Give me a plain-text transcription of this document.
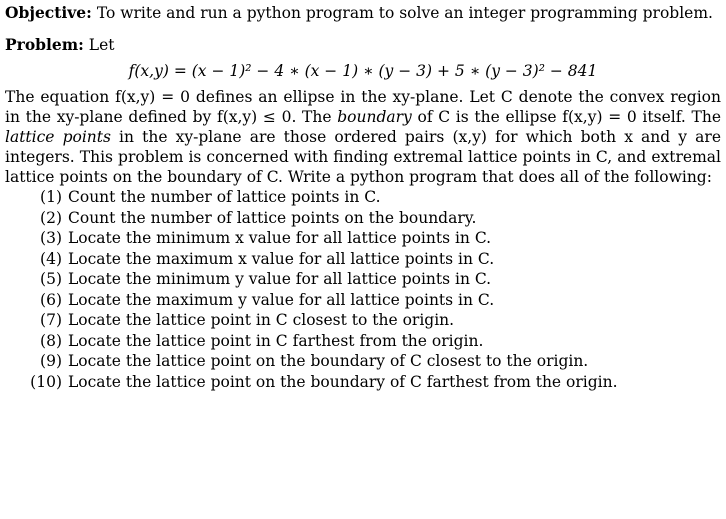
Objective: To write and run a python program to solve an integer programming problem.

Problem: Let

f(x,y) = (x − 1)² − 4 ∗ (x − 1) ∗ (y − 3) + 5 ∗ (y − 3)² − 841

The equation f(x,y) = 0 defines an ellipse in the xy-plane. Let C denote the convex region in the xy-plane defined by f(x,y) ≤ 0. The boundary of C is the ellipse f(x,y) = 0 itself. The lattice points in the xy-plane are those ordered pairs (x,y) for which both x and y are integers. This problem is concerned with finding extremal lattice points in C, and extremal lattice points on the boundary of C. Write a python program that does all of the following:

(1) Count the number of lattice points in C.
(2) Count the number of lattice points on the boundary.
(3) Locate the minimum x value for all lattice points in C.
(4) Locate the maximum x value for all lattice points in C.
(5) Locate the minimum y value for all lattice points in C.
(6) Locate the maximum y value for all lattice points in C.
(7) Locate the lattice point in C closest to the origin.
(8) Locate the lattice point in C farthest from the origin.
(9) Locate the lattice point on the boundary of C closest to the origin.
(10) Locate the lattice point on the boundary of C farthest from the origin.
